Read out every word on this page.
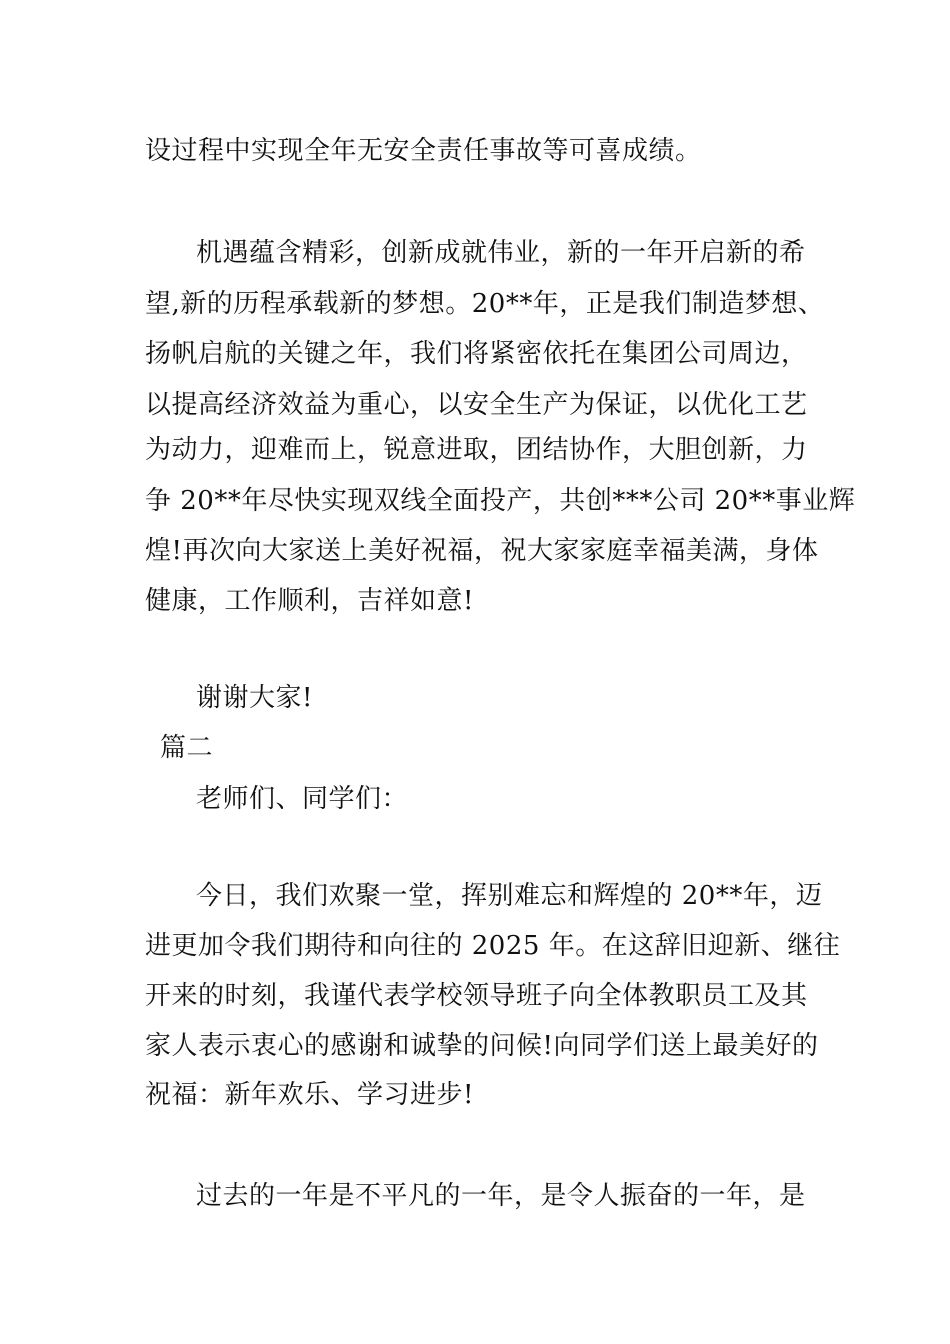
设过程中实现全年无安全责任事故等可喜成绩。
机遇蕴含精彩，创新成就伟业，新的一年开启新的希
望,新的历程承载新的梦想。20**年，正是我们制造梦想、
扬帆启航的关键之年，我们将紧密依托在集团公司周边，
以提高经济效益为重心，以安全生产为保证，以优化工艺
为动力，迎难而上，锐意进取，团结协作，大胆创新，力
争 20**年尽快实现双线全面投产，共创***公司 20**事业辉
煌!再次向大家送上美好祝福，祝大家家庭幸福美满，身体
健康，工作顺利，吉祥如意!
谢谢大家!
篇二
老师们、同学们：
今日，我们欢聚一堂，挥别难忘和辉煌的 20**年，迈
进更加令我们期待和向往的 2025 年。在这辞旧迎新、继往
开来的时刻，我谨代表学校领导班子向全体教职员工及其
家人表示衷心的感谢和诚挚的问候!向同学们送上最美好的
祝福：新年欢乐、学习进步!
过去的一年是不平凡的一年，是令人振奋的一年，是
